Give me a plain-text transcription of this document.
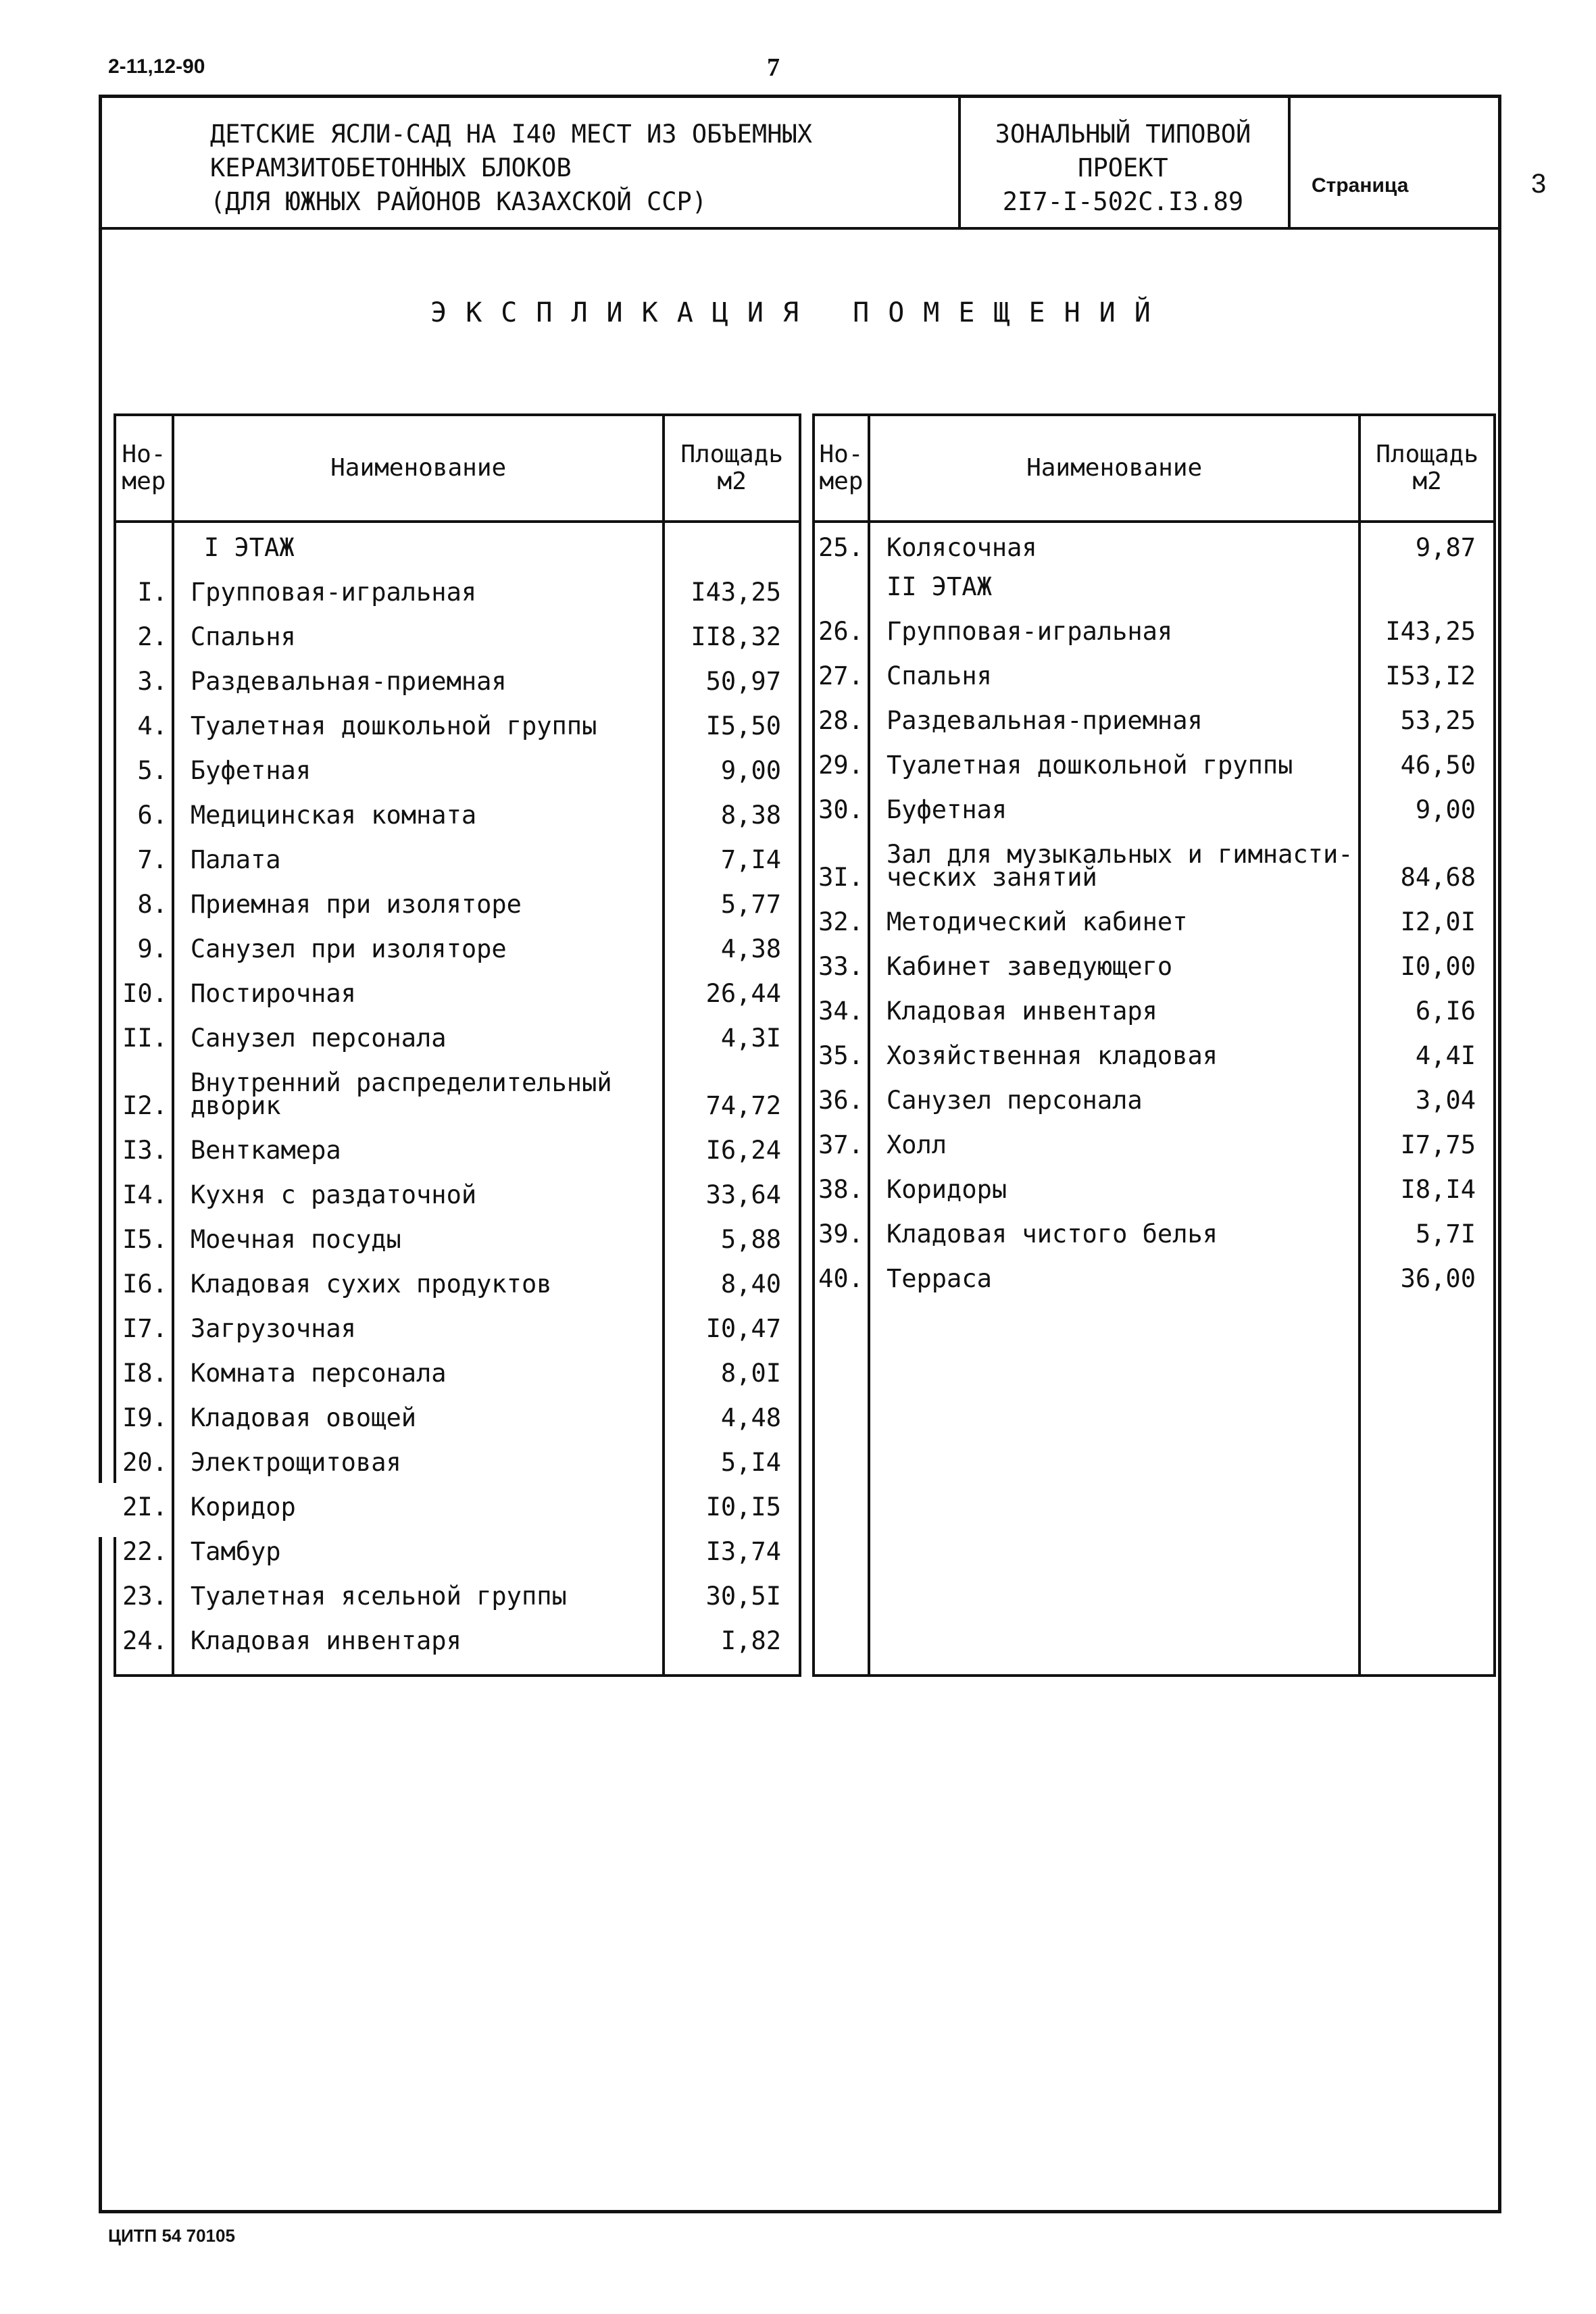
2-11,12-90	7
ДЕТСКИЕ ЯСЛИ-САД НА I40 МЕСТ ИЗ ОБЪЕМНЫХ
КЕРАМЗИТОБЕТОННЫХ БЛОКОВ
(ДЛЯ ЮЖНЫХ РАЙОНОВ КАЗАХСКОЙ ССР)
ЗОНАЛЬНЫЙ ТИПОВОЙ
ПРОЕКТ
2I7-I-502С.I3.89
Страница	3
ЭКСПЛИКАЦИЯ ПОМЕЩЕНИЙ
Но-
мер	Наименование	Площадь
м2
	I ЭТАЖ	
I.	Групповая-игральная	I43,25
2.	Спальня	II8,32
3.	Раздевальная-приемная	50,97
4.	Туалетная дошкольной группы	I5,50
5.	Буфетная	9,00
6.	Медицинская комната	8,38
7.	Палата	7,I4
8.	Приемная при изоляторе	5,77
9.	Санузел при изоляторе	4,38
I0.	Постирочная	26,44
II.	Санузел персонала	4,3I
I2.	Внутренний распределительный
дворик	74,72
I3.	Венткамера	I6,24
I4.	Кухня с раздаточной	33,64
I5.	Моечная посуды	5,88
I6.	Кладовая сухих продуктов	8,40
I7.	Загрузочная	I0,47
I8.	Комната персонала	8,0I
I9.	Кладовая овощей	4,48
20.	Электрощитовая	5,I4
2I.	Коридор	I0,I5
22.	Тамбур	I3,74
23.	Туалетная ясельной группы	30,5I
24.	Кладовая инвентаря	I,82

Но-
мер	Наименование	Площадь
м2
25.	Колясочная	9,87
	II ЭТАЖ	
26.	Групповая-игральная	I43,25
27.	Спальня	I53,I2
28.	Раздевальная-приемная	53,25
29.	Туалетная дошкольной группы	46,50
30.	Буфетная	9,00
3I.	Зал для музыкальных и гимнасти-
ческих занятий	84,68
32.	Методический кабинет	I2,0I
33.	Кабинет заведующего	I0,00
34.	Кладовая инвентаря	6,I6
35.	Хозяйственная кладовая	4,4I
36.	Санузел персонала	3,04
37.	Холл	I7,75
38.	Коридоры	I8,I4
39.	Кладовая чистого белья	5,7I
40.	Терраса	36,00

ЦИТП 54 70105
